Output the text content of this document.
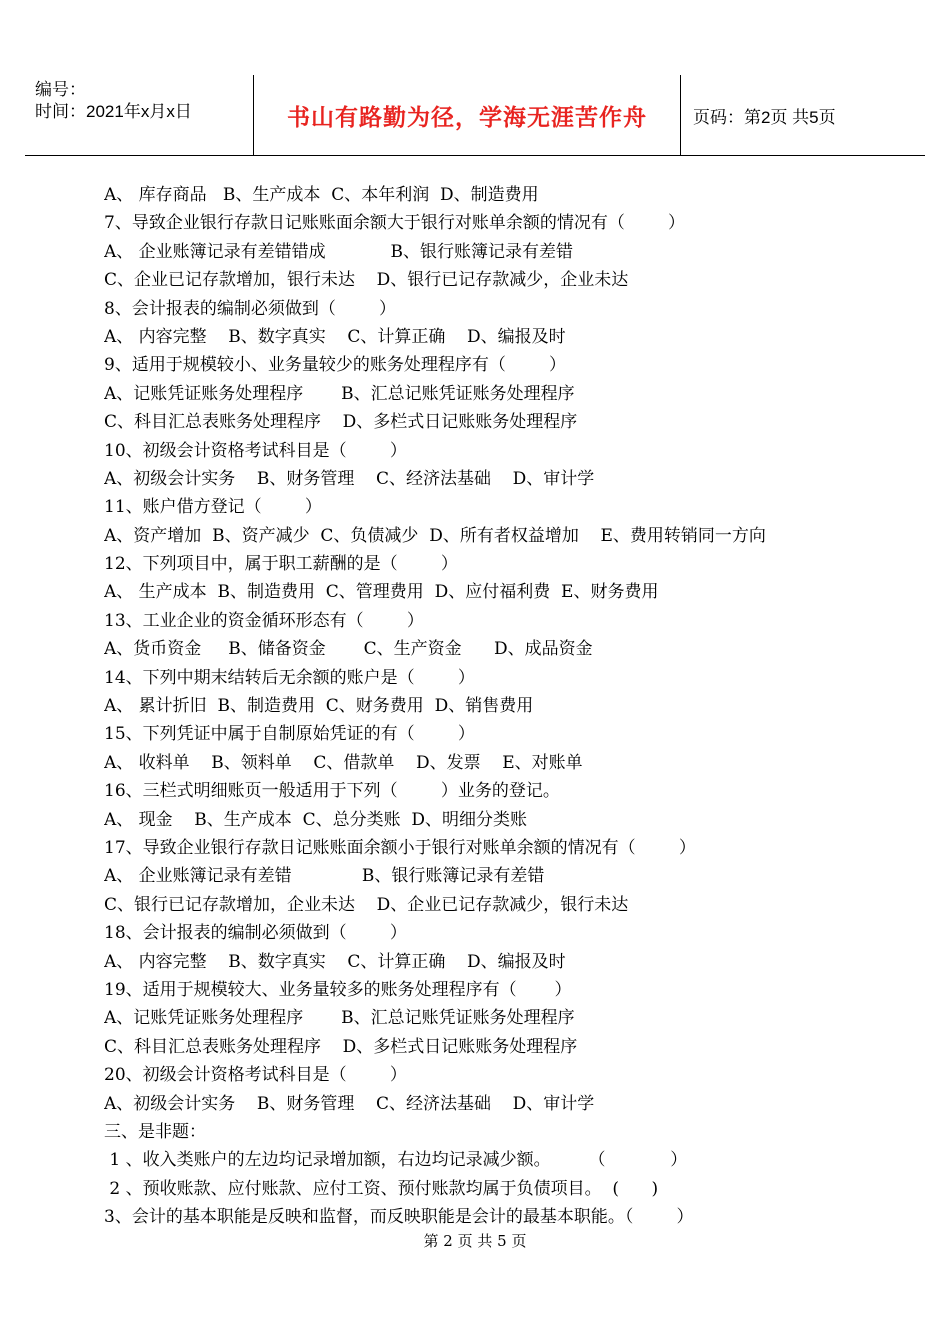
编号：
时间：2021年x月x日	书山有路勤为径，学海无涯苦作舟	页码：第2页 共5页
A、 库存商品   B、生产成本  C、本年利润  D、制造费用
7、导致企业银行存款日记账账面余额大于银行对账单余额的情况有（        ）
A、 企业账簿记录有差错错成            B、银行账簿记录有差错
C、企业已记存款增加，银行未达    D、银行已记存款减少，企业未达
8、会计报表的编制必须做到（        ）
A、 内容完整    B、数字真实    C、计算正确    D、编报及时
9、适用于规模较小、业务量较少的账务处理程序有（        ）
A、记账凭证账务处理程序       B、汇总记账凭证账务处理程序
C、科目汇总表账务处理程序    D、多栏式日记账账务处理程序
10、初级会计资格考试科目是（        ）
A、初级会计实务    B、财务管理    C、经济法基础    D、审计学
11、账户借方登记（        ）
A、资产增加  B、资产减少  C、负债减少  D、所有者权益增加    E、费用转销同一方向
12、下列项目中，属于职工薪酬的是（        ）
A、 生产成本  B、制造费用  C、管理费用  D、应付福利费  E、财务费用
13、工业企业的资金循环形态有（        ）
A、货币资金     B、储备资金       C、生产资金      D、成品资金
14、下列中期末结转后无余额的账户是（        ）
A、 累计折旧  B、制造费用  C、财务费用  D、销售费用
15、下列凭证中属于自制原始凭证的有（        ）
A、 收料单    B、领料单    C、借款单    D、发票    E、对账单
16、三栏式明细账页一般适用于下列（        ）业务的登记。
A、 现金    B、生产成本  C、总分类账  D、明细分类账
17、导致企业银行存款日记账账面余额小于银行对账单余额的情况有（        ）
A、 企业账簿记录有差错             B、银行账簿记录有差错
C、银行已记存款增加，企业未达    D、企业已记存款减少，银行未达
18、会计报表的编制必须做到（        ）
A、 内容完整    B、数字真实    C、计算正确    D、编报及时
19、适用于规模较大、业务量较多的账务处理程序有（       ）
A、记账凭证账务处理程序       B、汇总记账凭证账务处理程序
C、科目汇总表账务处理程序    D、多栏式日记账账务处理程序
20、初级会计资格考试科目是（        ）
A、初级会计实务    B、财务管理    C、经济法基础    D、审计学
三、是非题：
1 、收入类账户的左边均记录增加额，右边均记录减少额。       （            ）
2 、预收账款、应付账款、应付工资、预付账款均属于负债项目。  (      )
3、会计的基本职能是反映和监督，而反映职能是会计的最基本职能。（        ）
第 2 页 共 5 页
